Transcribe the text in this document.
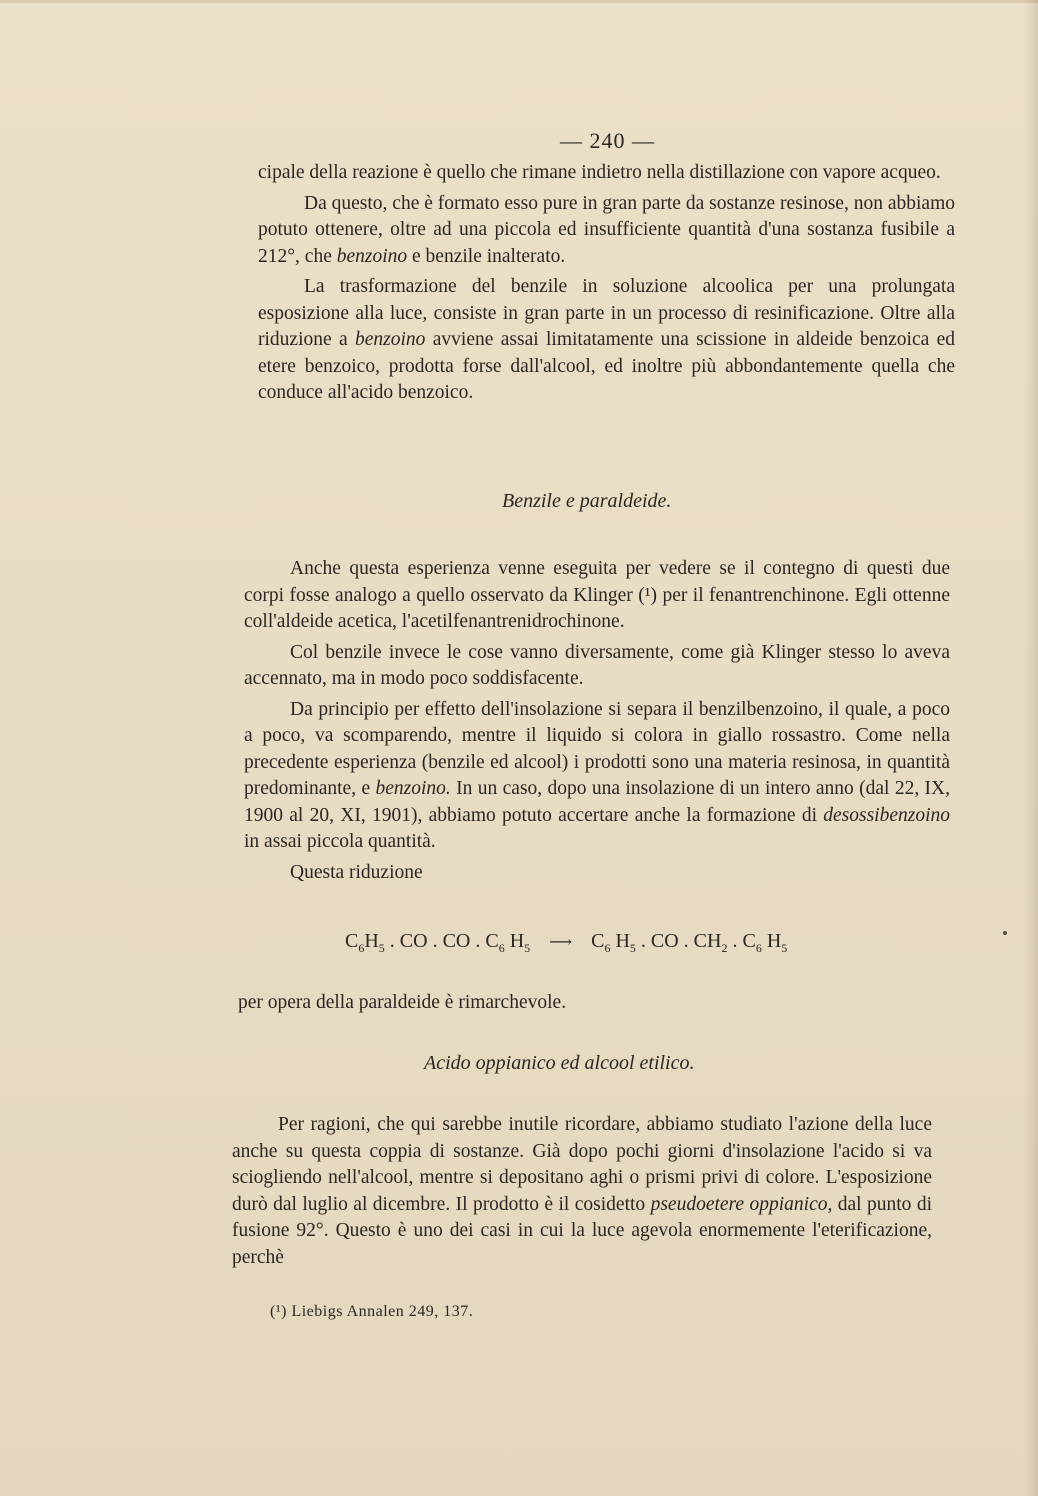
— 240 —

cipale della reazione è quello che rimane indietro nella distillazione con vapore acqueo.

Da questo, che è formato esso pure in gran parte da sostanze resinose, non abbiamo potuto ottenere, oltre ad una piccola ed insufficiente quantità d'una sostanza fusibile a 212°, che benzoino e benzile inalterato.

La trasformazione del benzile in soluzione alcoolica per una prolungata esposizione alla luce, consiste in gran parte in un processo di resinificazione. Oltre alla riduzione a benzoino avviene assai limitatamente una scissione in aldeide benzoica ed etere benzoico, prodotta forse dall'alcool, ed inoltre più abbondantemente quella che conduce all'acido benzoico.

Benzile e paraldeide.

Anche questa esperienza venne eseguita per vedere se il contegno di questi due corpi fosse analogo a quello osservato da Klinger (¹) per il fenantrenchinone. Egli ottenne coll'aldeide acetica, l'acetilfenantrenidrochinone.

Col benzile invece le cose vanno diversamente, come già Klinger stesso lo aveva accennato, ma in modo poco soddisfacente.

Da principio per effetto dell'insolazione si separa il benzilbenzoino, il quale, a poco a poco, va scomparendo, mentre il liquido si colora in giallo rossastro. Come nella precedente esperienza (benzile ed alcool) i prodotti sono una materia resinosa, in quantità predominante, e benzoino. In un caso, dopo una insolazione di un intero anno (dal 22, IX, 1900 al 20, XI, 1901), abbiamo potuto accertare anche la formazione di desossibenzoino in assai piccola quantità.

Questa riduzione

$C_6H_5$ . CO . CO . $C_6$ $H_5$ ⟶ $C_6$ $H_5$ . CO . $CH_2$ . $C_6$ $H_5$

per opera della paraldeide è rimarchevole.

Acido oppianico ed alcool etilico.

Per ragioni, che qui sarebbe inutile ricordare, abbiamo studiato l'azione della luce anche su questa coppia di sostanze. Già dopo pochi giorni d'insolazione l'acido si va sciogliendo nell'alcool, mentre si depositano aghi o prismi privi di colore. L'esposizione durò dal luglio al dicembre. Il prodotto è il cosidetto pseudoetere oppianico, dal punto di fusione 92°. Questo è uno dei casi in cui la luce agevola enormemente l'eterificazione, perchè

(¹) Liebigs Annalen 249, 137.
